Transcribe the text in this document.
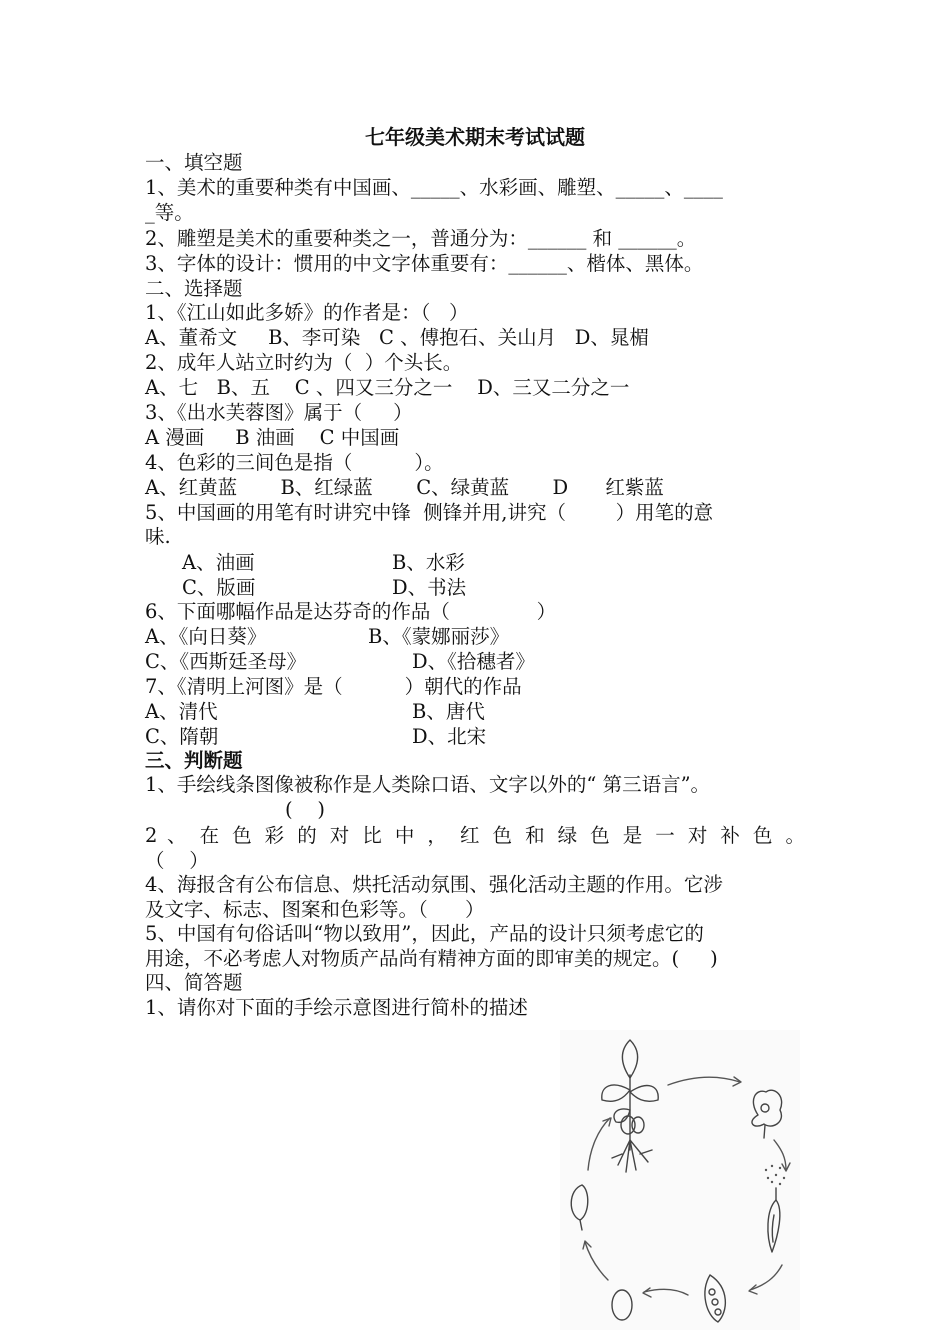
七年级美术期末考试试题
一、填空题
1、美术的重要种类有中国画、_____、水彩画、雕塑、_____、____
_等。
2、雕塑是美术的重要种类之一，普通分为：______ 和 ______。
3、字体的设计：惯用的中文字体重要有：______、楷体、黑体。
二、选择题
1、《江山如此多娇》的作者是：（   ）
A、董希文     B、李可染   C 、傅抱石、关山月   D、晁楣
2、成年人站立时约为（  ）个头长。
A、七   B、五    C 、四又三分之一    D、三又二分之一
3、《出水芙蓉图》属于（     ）
A 漫画     B 油画    C 中国画
4、色彩的三间色是指（          ）。
A、红黄蓝       B、红绿蓝       C、绿黄蓝       D      红紫蓝
5、中国画的用笔有时讲究中锋  侧锋并用,讲究（        ）用笔的意
味.
A、油画	B、水彩
C、版画	D、书法
6、下面哪幅作品是达芬奇的作品（              ）
A、《向日葵》	B、《蒙娜丽莎》
C、《西斯廷圣母》	D、《拾穗者》
7、《清明上河图》是（          ）朝代的作品
A、清代	B、唐代
C、隋朝	D、北宋
三、判断题
1、手绘线条图像被称作是人类除口语、文字以外的“ 第三语言”。
(    )
2 、 在 色 彩 的 对 比 中 ， 红 色 和 绿 色 是 一 对 补 色 。
（    ）
4、海报含有公布信息、烘托活动氛围、强化活动主题的作用。它涉
及文字、标志、图案和色彩等。（      ）
5、中国有句俗话叫“物以致用”，因此，产品的设计只须考虑它的
用途，不必考虑人对物质产品尚有精神方面的即审美的规定。(     )
四、简答题
1、请你对下面的手绘示意图进行简朴的描述
